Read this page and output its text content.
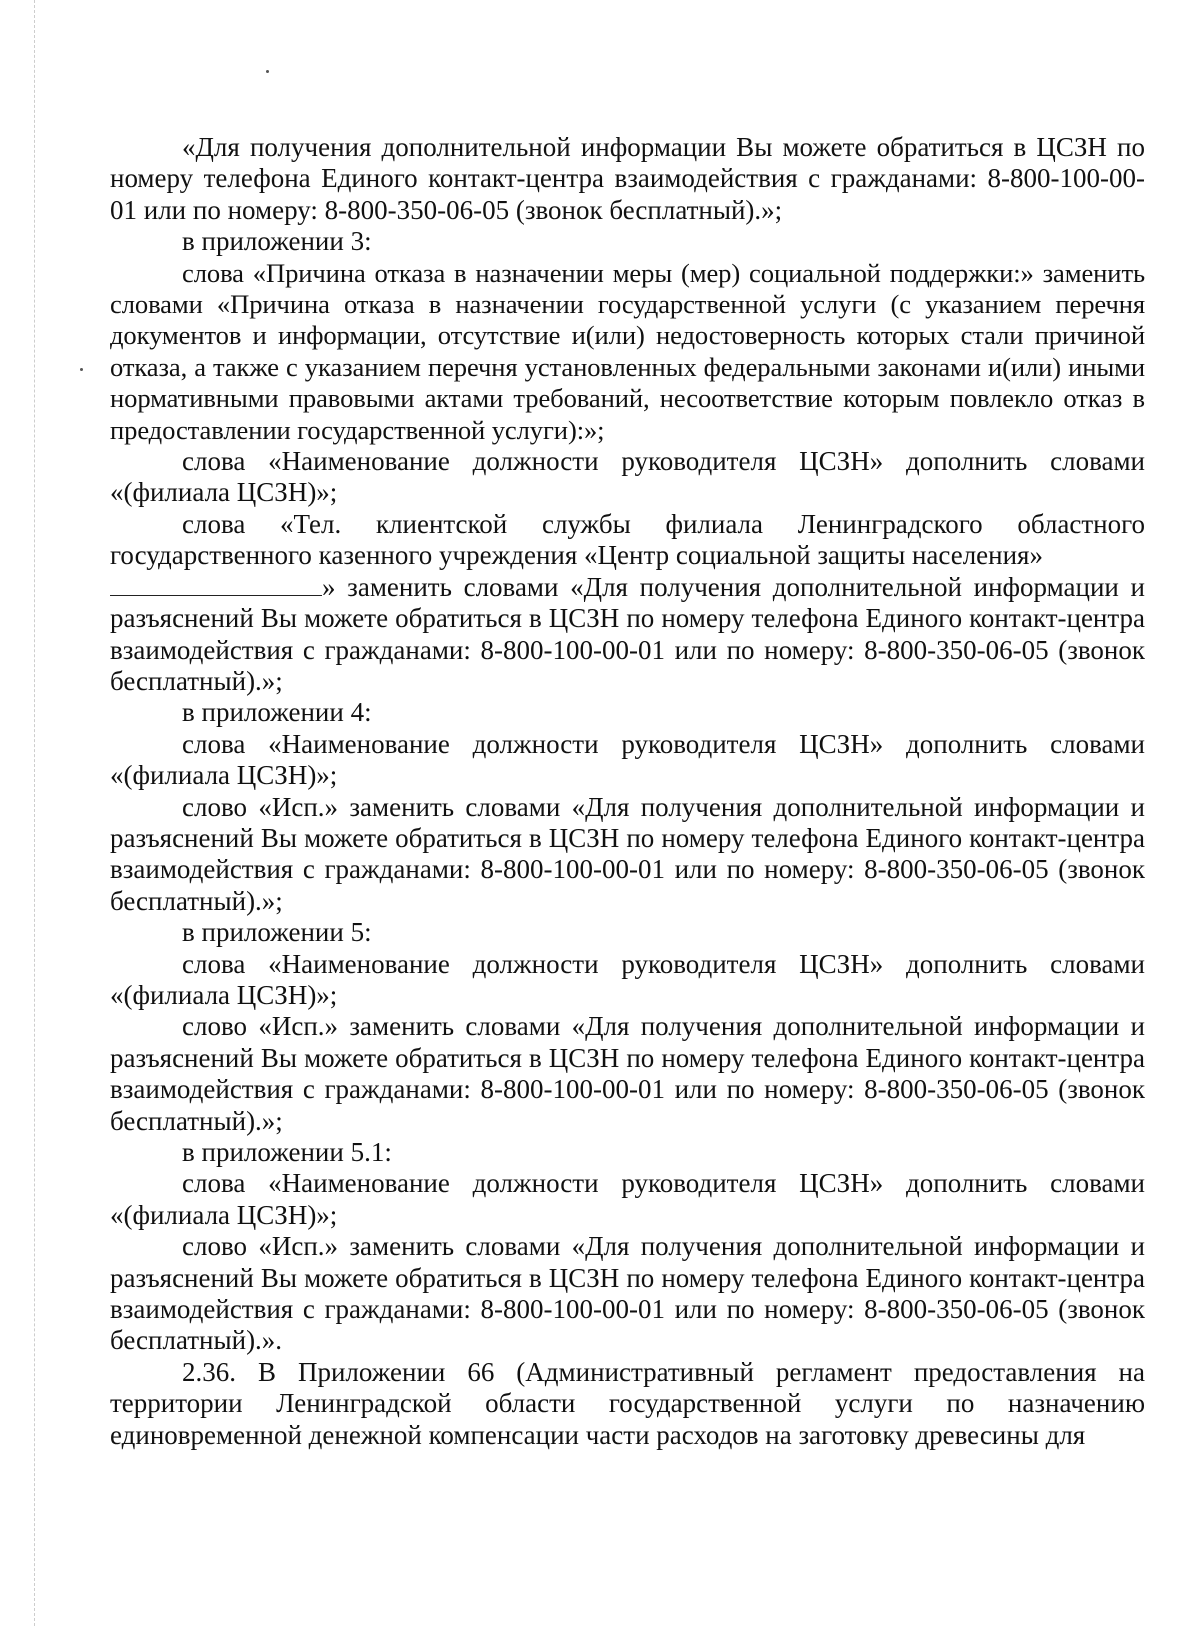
«Для получения дополнительной информации Вы можете обратиться в ЦСЗН по номеру телефона Единого контакт-центра взаимодействия с гражданами: 8-800-100-00-01 или по номеру: 8-800-350-06-05 (звонок бесплатный).»;

в приложении 3:

слова «Причина отказа в назначении меры (мер) социальной поддержки:» заменить словами «Причина отказа в назначении государственной услуги (с указанием перечня документов и информации, отсутствие и(или) недостоверность которых стали причиной отказа, а также с указанием перечня установленных федеральными законами и(или) иными нормативными правовыми актами требований, несоответствие которым повлекло отказ в предоставлении государственной услуги):»;

слова «Наименование должности руководителя ЦСЗН» дополнить словами «(филиала ЦСЗН)»;

слова «Тел. клиентской службы филиала Ленинградского областного государственного казенного учреждения «Центр социальной защиты населения»

» заменить словами «Для получения дополнительной информации и разъяснений Вы можете обратиться в ЦСЗН по номеру телефона Единого контакт-центра взаимодействия с гражданами: 8-800-100-00-01 или по номеру: 8-800-350-06-05 (звонок бесплатный).»;

в приложении 4:

слова «Наименование должности руководителя ЦСЗН» дополнить словами «(филиала ЦСЗН)»;

слово «Исп.» заменить словами «Для получения дополнительной информации и разъяснений Вы можете обратиться в ЦСЗН по номеру телефона Единого контакт-центра взаимодействия с гражданами: 8-800-100-00-01 или по номеру: 8-800-350-06-05 (звонок бесплатный).»;

в приложении 5:

слова «Наименование должности руководителя ЦСЗН» дополнить словами «(филиала ЦСЗН)»;

слово «Исп.» заменить словами «Для получения дополнительной информации и разъяснений Вы можете обратиться в ЦСЗН по номеру телефона Единого контакт-центра взаимодействия с гражданами: 8-800-100-00-01 или по номеру: 8-800-350-06-05 (звонок бесплатный).»;

в приложении 5.1:

слова «Наименование должности руководителя ЦСЗН» дополнить словами «(филиала ЦСЗН)»;

слово «Исп.» заменить словами «Для получения дополнительной информации и разъяснений Вы можете обратиться в ЦСЗН по номеру телефона Единого контакт-центра взаимодействия с гражданами: 8-800-100-00-01 или по номеру: 8-800-350-06-05 (звонок бесплатный).».

2.36. В Приложении 66 (Административный регламент предоставления на территории Ленинградской области государственной услуги по назначению единовременной денежной компенсации части расходов на заготовку древесины для
